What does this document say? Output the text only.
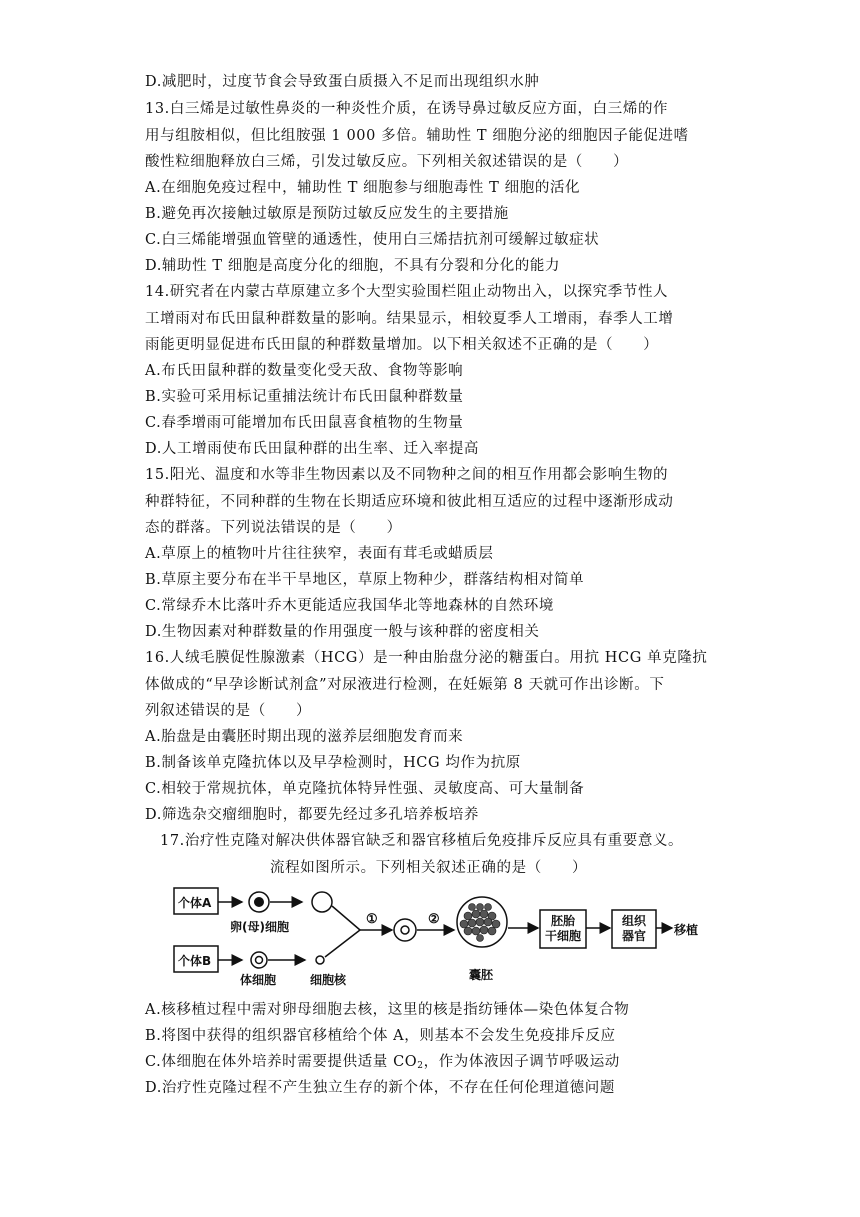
D.减肥时，过度节食会导致蛋白质摄入不足而出现组织水肿
13.白三烯是过敏性鼻炎的一种炎性介质，在诱导鼻过敏反应方面，白三烯的作
用与组胺相似，但比组胺强 1 000 多倍。辅助性 T 细胞分泌的细胞因子能促进嗜
酸性粒细胞释放白三烯，引发过敏反应。下列相关叙述错误的是（　　）
A.在细胞免疫过程中，辅助性 T 细胞参与细胞毒性 T 细胞的活化
B.避免再次接触过敏原是预防过敏反应发生的主要措施
C.白三烯能增强血管壁的通透性，使用白三烯拮抗剂可缓解过敏症状
D.辅助性 T 细胞是高度分化的细胞，不具有分裂和分化的能力
14.研究者在内蒙古草原建立多个大型实验围栏阻止动物出入，以探究季节性人
工增雨对布氏田鼠种群数量的影响。结果显示，相较夏季人工增雨，春季人工增
雨能更明显促进布氏田鼠的种群数量增加。以下相关叙述不正确的是（　　）
A.布氏田鼠种群的数量变化受天敌、食物等影响
B.实验可采用标记重捕法统计布氏田鼠种群数量
C.春季增雨可能增加布氏田鼠喜食植物的生物量
D.人工增雨使布氏田鼠种群的出生率、迁入率提高
15.阳光、温度和水等非生物因素以及不同物种之间的相互作用都会影响生物的
种群特征，不同种群的生物在长期适应环境和彼此相互适应的过程中逐渐形成动
态的群落。下列说法错误的是（　　）
A.草原上的植物叶片往往狭窄，表面有茸毛或蜡质层
B.草原主要分布在半干旱地区，草原上物种少，群落结构相对简单
C.常绿乔木比落叶乔木更能适应我国华北等地森林的自然环境
D.生物因素对种群数量的作用强度一般与该种群的密度相关
16.人绒毛膜促性腺激素（HCG）是一种由胎盘分泌的糖蛋白。用抗 HCG 单克隆抗
体做成的“早孕诊断试剂盒”对尿液进行检测，在妊娠第 8 天就可作出诊断。下
列叙述错误的是（　　）
A.胎盘是由囊胚时期出现的滋养层细胞发育而来
B.制备该单克隆抗体以及早孕检测时，HCG 均作为抗原
C.相较于常规抗体，单克隆抗体特异性强、灵敏度高、可大量制备
D.筛选杂交瘤细胞时，都要先经过多孔培养板培养
17.治疗性克隆对解决供体器官缺乏和器官移植后免疫排斥反应具有重要意义。
流程如图所示。下列相关叙述正确的是（　　）
个体A
个体B
卵(母)细胞
体细胞	细胞核
①	②
囊胚
胚胎
干细胞
组织
器官	移植
A.核移植过程中需对卵母细胞去核，这里的核是指纺锤体—染色体复合物
B.将图中获得的组织器官移植给个体 A，则基本不会发生免疫排斥反应
C.体细胞在体外培养时需要提供适量 $CO_2$，作为体液因子调节呼吸运动
D.治疗性克隆过程不产生独立生存的新个体，不存在任何伦理道德问题
